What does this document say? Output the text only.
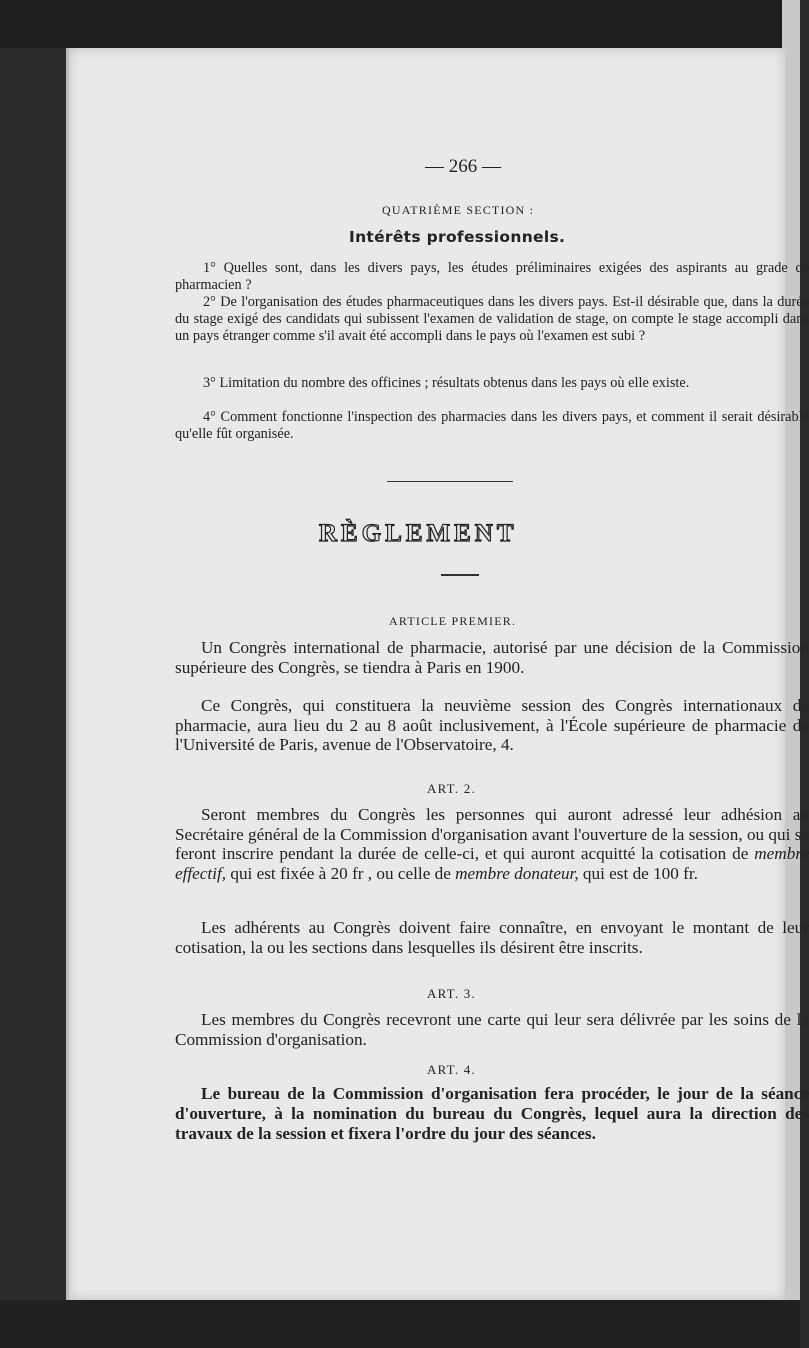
— 266 —
QUATRIÈME SECTION :
Intérêts professionnels.
1° Quelles sont, dans les divers pays, les études préliminaires exigées des aspirants au grade de pharmacien ?
2° De l'organisation des études pharmaceutiques dans les divers pays. Est-il désirable que, dans la durée du stage exigé des candidats qui subissent l'examen de validation de stage, on compte le stage accompli dans un pays étranger comme s'il avait été accompli dans le pays où l'examen est subi ?
3° Limitation du nombre des officines ; résultats obtenus dans les pays où elle existe.
4° Comment fonctionne l'inspection des pharmacies dans les divers pays, et comment il serait désirable qu'elle fût organisée.
RÈGLEMENT
ARTICLE PREMIER.
Un Congrès international de pharmacie, autorisé par une décision de la Commission supérieure des Congrès, se tiendra à Paris en 1900.
Ce Congrès, qui constituera la neuvième session des Congrès internationaux de pharmacie, aura lieu du 2 au 8 août inclusivement, à l'École supérieure de pharmacie de l'Université de Paris, avenue de l'Observatoire, 4.
ART. 2.
Seront membres du Congrès les personnes qui auront adressé leur adhésion au Secrétaire général de la Commission d'organisation avant l'ouverture de la session, ou qui se feront inscrire pendant la durée de celle-ci, et qui auront acquitté la cotisation de membre effectif, qui est fixée à 20 fr , ou celle de membre donateur, qui est de 100 fr.
Les adhérents au Congrès doivent faire connaître, en envoyant le montant de leur cotisation, la ou les sections dans lesquelles ils désirent être inscrits.
ART. 3.
Les membres du Congrès recevront une carte qui leur sera délivrée par les soins de la Commission d'organisation.
ART. 4.
Le bureau de la Commission d'organisation fera procéder, le jour de la séance d'ouverture, à la nomination du bureau du Congrès, lequel aura la direction des travaux de la session et fixera l'ordre du jour des séances.
